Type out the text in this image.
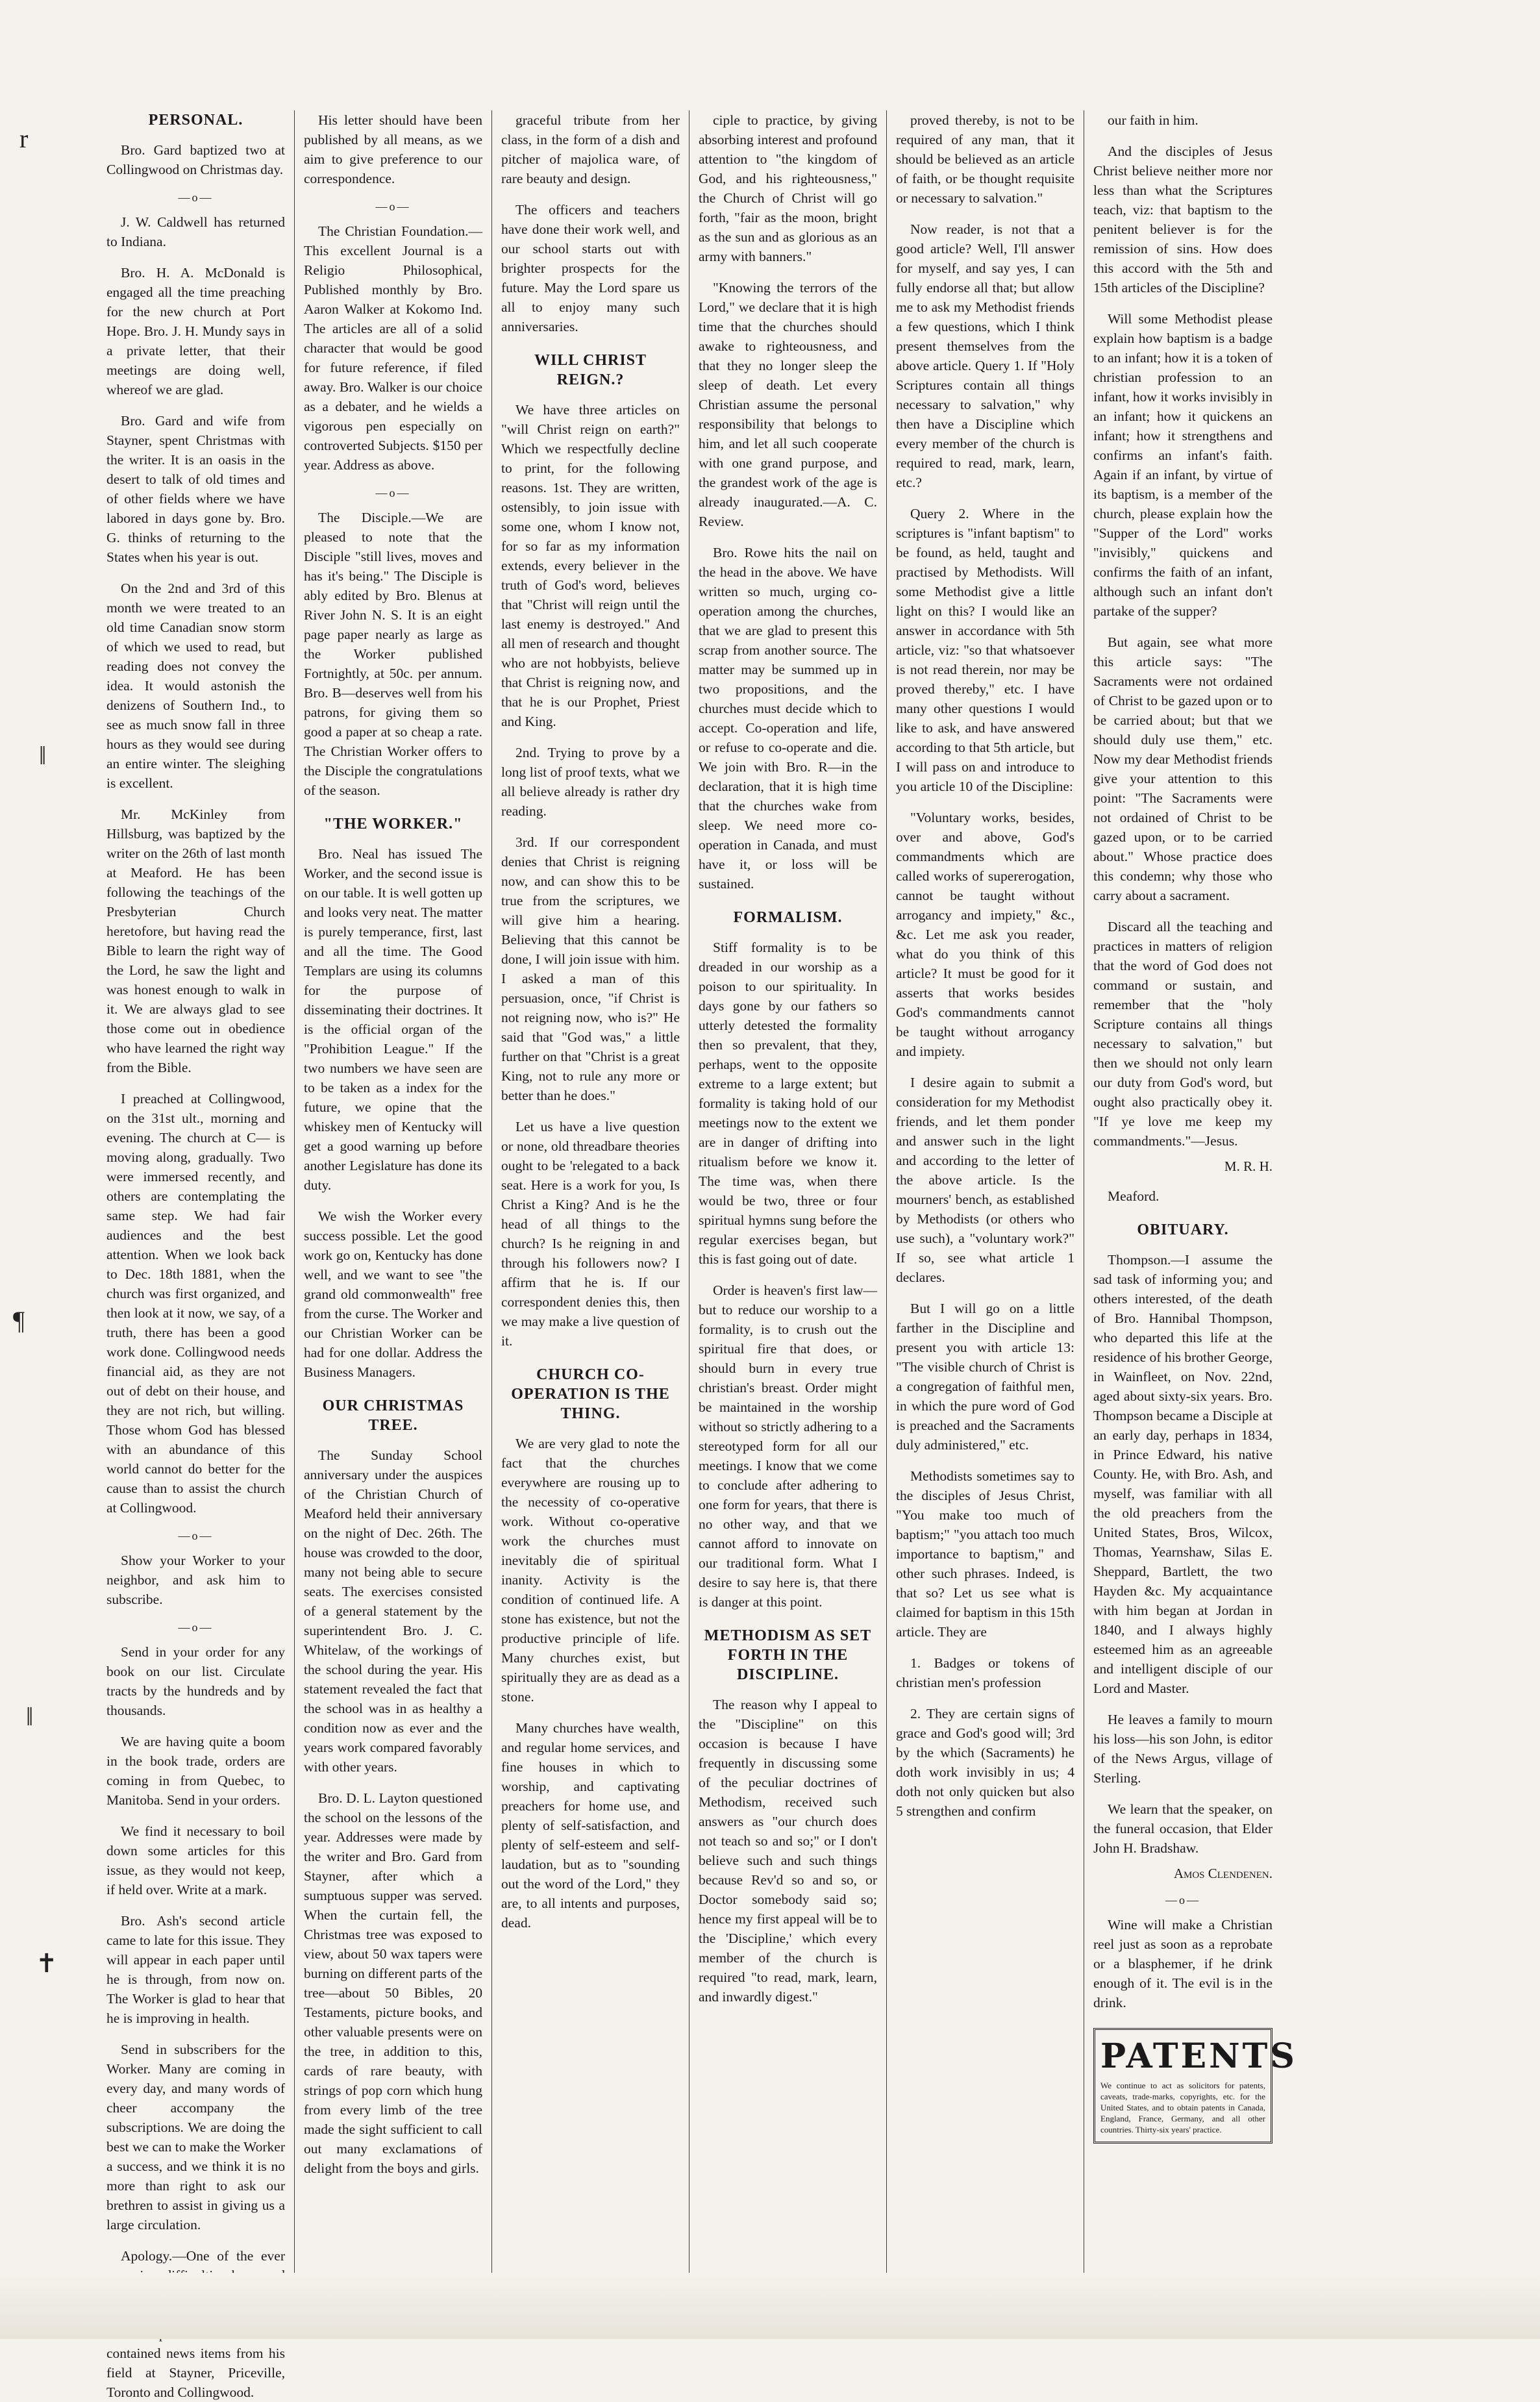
PERSONAL.

Bro. Gard baptized two at Collingwood on Christmas day.

—o—

J. W. Caldwell has returned to Indiana.

Bro. H. A. McDonald is engaged all the time preaching for the new church at Port Hope. Bro. J. H. Mundy says in a private letter, that their meetings are doing well, whereof we are glad.

Bro. Gard and wife from Stayner, spent Christmas with the writer. It is an oasis in the desert to talk of old times and of other fields where we have labored in days gone by. Bro. G. thinks of returning to the States when his year is out.

On the 2nd and 3rd of this month we were treated to an old time Canadian snow storm of which we used to read, but reading does not convey the idea. It would astonish the denizens of Southern Ind., to see as much snow fall in three hours as they would see during an entire winter. The sleighing is excellent.

Mr. McKinley from Hillsburg, was baptized by the writer on the 26th of last month at Meaford. He has been following the teachings of the Presbyterian Church heretofore, but having read the Bible to learn the right way of the Lord, he saw the light and was honest enough to walk in it. We are always glad to see those come out in obedience who have learned the right way from the Bible.

I preached at Collingwood, on the 31st ult., morning and evening. The church at C— is moving along, gradually. Two were immersed recently, and others are contemplating the same step. We had fair audiences and the best attention. When we look back to Dec. 18th 1881, when the church was first organized, and then look at it now, we say, of a truth, there has been a good work done. Collingwood needs financial aid, as they are not out of debt on their house, and they are not rich, but willing. Those whom God has blessed with an abundance of this world cannot do better for the cause than to assist the church at Collingwood.

—o—

Show your Worker to your neighbor, and ask him to subscribe.

—o—

Send in your order for any book on our list. Circulate tracts by the hundreds and by thousands.

We are having quite a boom in the book trade, orders are coming in from Quebec, to Manitoba. Send in your orders.

We find it necessary to boil down some articles for this issue, as they would not keep, if held over. Write at a mark.

Bro. Ash's second article came to late for this issue. They will appear in each paper until he is through, from now on. The Worker is glad to hear that he is improving in health.

Send in subscribers for the Worker. Many are coming in every day, and many words of cheer accompany the subscriptions. We are doing the best we can to make the Worker a success, and we think it is no more than right to ask our brethren to assist in giving us a large circulation.

Apology.—One of the ever contained news items from his field at Stayner, Priceville, Toronto and Collingwood.

His letter should have been published by all means, as we aim to give preference to our correspondence.

—o—

The Christian Foundation.—This excellent Journal is a Religio Philosophical, Published monthly by Bro. Aaron Walker at Kokomo Ind. The articles are all of a solid character that would be good for future reference, if filed away. Bro. Walker is our choice as a debater, and he wields a vigorous pen especially on controverted Subjects. $150 per year. Address as above.

—o—

The Disciple.—We are pleased to note that the Disciple "still lives, moves and has it's being." The Disciple is ably edited by Bro. Blenus at River John N. S. It is an eight page paper nearly as large as the Worker published Fortnightly, at 50c. per annum. Bro. B—deserves well from his patrons, for giving them so good a paper at so cheap a rate. The Christian Worker offers to the Disciple the congratulations of the season.

"THE WORKER."

Bro. Neal has issued The Worker, and the second issue is on our table. It is well gotten up and looks very neat. The matter is purely temperance, first, last and all the time. The Good Templars are using its columns for the purpose of disseminating their doctrines. It is the official organ of the "Prohibition League." If the two numbers we have seen are to be taken as a index for the future, we opine that the whiskey men of Kentucky will get a good warning up before another Legislature has done its duty.

We wish the Worker every success possible. Let the good work go on, Kentucky has done well, and we want to see "the grand old commonwealth" free from the curse. The Worker and our Christian Worker can be had for one dollar. Address the Business Managers.

OUR CHRISTMAS TREE.

The Sunday School anniversary under the auspices of the Christian Church of Meaford held their anniversary on the night of Dec. 26th. The house was crowded to the door, many not being able to secure seats. The exercises consisted of a general statement by the superintendent Bro. J. C. Whitelaw, of the workings of the school during the year. His statement revealed the fact that the school was in as healthy a condition now as ever and the years work compared favorably with other years.

Bro. D. L. Layton questioned the school on the lessons of the year. Addresses were made by the writer and Bro. Gard from Stayner, after which a sumptuous supper was served. When the curtain fell, the Christmas tree was exposed to view, about 50 wax tapers were burning on different parts of the tree—about 50 Bibles, 20 Testaments, picture books, and other valuable presents were on the tree, in addition to this, cards of rare beauty, with strings of pop corn which hung from every limb of the tree made the sight sufficient to call out many exclamations of delight from the boys and girls.

graceful tribute from her class, in the form of a dish and pitcher of majolica ware, of rare beauty and design.

The officers and teachers have done their work well, and our school starts out with brighter prospects for the future. May the Lord spare us all to enjoy many such anniversaries.

WILL CHRIST REIGN.?

We have three articles on "will Christ reign on earth?" Which we respectfully decline to print, for the following reasons. 1st. They are written, ostensibly, to join issue with some one, whom I know not, for so far as my information extends, every believer in the truth of God's word, believes that "Christ will reign until the last enemy is destroyed." And all men of research and thought who are not hobbyists, believe that Christ is reigning now, and that he is our Prophet, Priest and King.

2nd. Trying to prove by a long list of proof texts, what we all believe already is rather dry reading.

3rd. If our correspondent denies that Christ is reigning now, and can show this to be true from the scriptures, we will give him a hearing. Believing that this cannot be done, I will join issue with him. I asked a man of this persuasion, once, "if Christ is not reigning now, who is?" He said that "God was," a little further on that "Christ is a great King, not to rule any more or better than he does."

Let us have a live question or none, old threadbare theories ought to be 'relegated to a back seat. Here is a work for you, Is Christ a King? And is he the head of all things to the church? Is he reigning in and through his followers now? I affirm that he is. If our correspondent denies this, then we may make a live question of it.

CHURCH CO-OPERATION IS THE THING.

We are very glad to note the fact that the churches everywhere are rousing up to the necessity of co-operative work. Without co-operative work the churches must inevitably die of spiritual inanity. Activity is the condition of continued life. A stone has existence, but not the productive principle of life. Many churches exist, but spiritually they are as dead as a stone.

Many churches have wealth, and regular home services, and fine houses in which to worship, and captivating preachers for home use, and plenty of self-satisfaction, and plenty of self-esteem and self-laudation, but as to "sounding out the word of the Lord," they are, to all intents and purposes, dead.

ciple to practice, by giving absorbing interest and profound attention to "the kingdom of God, and his righteousness," the Church of Christ will go forth, "fair as the moon, bright as the sun and as glorious as an army with banners."

"Knowing the terrors of the Lord," we declare that it is high time that the churches should awake to righteousness, and that they no longer sleep the sleep of death. Let every Christian assume the personal responsibility that belongs to him, and let all such cooperate with one grand purpose, and the grandest work of the age is already inaugurated.—A. C. Review.

Bro. Rowe hits the nail on the head in the above. We have written so much, urging co-operation among the churches, that we are glad to present this scrap from another source. The matter may be summed up in two propositions, and the churches must decide which to accept. Co-operation and life, or refuse to co-operate and die. We join with Bro. R—in the declaration, that it is high time that the churches wake from sleep. We need more co-operation in Canada, and must have it, or loss will be sustained.

FORMALISM.

Stiff formality is to be dreaded in our worship as a poison to our spirituality. In days gone by our fathers so utterly detested the formality then so prevalent, that they, perhaps, went to the opposite extreme to a large extent; but formality is taking hold of our meetings now to the extent we are in danger of drifting into ritualism before we know it. The time was, when there would be two, three or four spiritual hymns sung before the regular exercises began, but this is fast going out of date.

Order is heaven's first law—but to reduce our worship to a formality, is to crush out the spiritual fire that does, or should burn in every true christian's breast. Order might be maintained in the worship without so strictly adhering to a stereotyped form for all our meetings. I know that we come to conclude after adhering to one form for years, that there is no other way, and that we cannot afford to innovate on our traditional form. What I desire to say here is, that there is danger at this point.

METHODISM AS SET FORTH IN THE DISCIPLINE.

The reason why I appeal to the "Discipline" on this occasion is because I have frequently in discussing some of the peculiar doctrines of Methodism, received such answers as "our church does not teach so and so;" or I don't believe such and such things because Rev'd so and so, or Doctor somebody said so; hence my first appeal will be to the 'Discipline,' which every member of the church is required "to read, mark, learn, and inwardly digest."

proved thereby, is not to be required of any man, that it should be believed as an article of faith, or be thought requisite or necessary to salvation."

Now reader, is not that a good article? Well, I'll answer for myself, and say yes, I can fully endorse all that; but allow me to ask my Methodist friends a few questions, which I think present themselves from the above article. Query 1. If "Holy Scriptures contain all things necessary to salvation," why then have a Discipline which every member of the church is required to read, mark, learn, etc.?

Query 2. Where in the scriptures is "infant baptism" to be found, as held, taught and practised by Methodists. Will some Methodist give a little light on this? I would like an answer in accordance with 5th article, viz: "so that whatsoever is not read therein, nor may be proved thereby," etc. I have many other questions I would like to ask, and have answered according to that 5th article, but I will pass on and introduce to you article 10 of the Discipline:

"Voluntary works, besides, over and above, God's commandments which are called works of supererogation, cannot be taught without arrogancy and impiety," &c., &c. Let me ask you reader, what do you think of this article? It must be good for it asserts that works besides God's commandments cannot be taught without arrogancy and impiety.

I desire again to submit a consideration for my Methodist friends, and let them ponder and answer such in the light and according to the letter of the above article. Is the mourners' bench, as established by Methodists (or others who use such), a "voluntary work?" If so, see what article 1 declares.

But I will go on a little farther in the Discipline and present you with article 13: "The visible church of Christ is a congregation of faithful men, in which the pure word of God is preached and the Sacraments duly administered," etc.

Methodists sometimes say to the disciples of Jesus Christ, "You make too much of baptism;" "you attach too much importance to baptism," and other such phrases. Indeed, is that so? Let us see what is claimed for baptism in this 15th article. They are

1. Badges or tokens of christian men's profession

2. They are certain signs of grace and God's good will; 3rd by the which (Sacraments) he doth work invisibly in us; 4 doth not only quicken but also 5 strengthen and confirm

our faith in him.

And the disciples of Jesus Christ believe neither more nor less than what the Scriptures teach, viz: that baptism to the penitent believer is for the remission of sins. How does this accord with the 5th and 15th articles of the Discipline?

Will some Methodist please explain how baptism is a badge to an infant; how it is a token of christian profession to an infant, how it works invisibly in an infant; how it quickens an infant; how it strengthens and confirms an infant's faith. Again if an infant, by virtue of its baptism, is a member of the church, please explain how the "Supper of the Lord" works "invisibly," quickens and confirms the faith of an infant, although such an infant don't partake of the supper?

But again, see what more this article says: "The Sacraments were not ordained of Christ to be gazed upon or to be carried about; but that we should duly use them," etc. Now my dear Methodist friends give your attention to this point: "The Sacraments were not ordained of Christ to be gazed upon, or to be carried about." Whose practice does this condemn; why those who carry about a sacrament.

Discard all the teaching and practices in matters of religion that the word of God does not command or sustain, and remember that the "holy Scripture contains all things necessary to salvation," but then we should not only learn our duty from God's word, but ought also practically obey it. "If ye love me keep my commandments."—Jesus.

M. R. H.

Meaford.

OBITUARY.

Thompson.—I assume the sad task of informing you; and others interested, of the death of Bro. Hannibal Thompson, who departed this life at the residence of his brother George, in Wainfleet, on Nov. 22nd, aged about sixty-six years. Bro. Thompson became a Disciple at an early day, perhaps in 1834, in Prince Edward, his native County. He, with Bro. Ash, and myself, was familiar with all the old preachers from the United States, Bros, Wilcox, Thomas, Yearnshaw, Silas E. Sheppard, Bartlett, the two Hayden &c. My acquaintance with him began at Jordan in 1840, and I always highly esteemed him as an agreeable and intelligent disciple of our Lord and Master.

He leaves a family to mourn his loss—his son John, is editor of the News Argus, village of Sterling.

We learn that the speaker, on the funeral occasion, that Elder John H. Bradshaw.

Amos Clendenen.
—o—

Wine will make a Christian reel just as soon as a reprobate or a blasphemer, if he drink enough of it. The evil is in the drink.

PATENTS
We continue to act as solicitors for patents, caveats, trade-marks, copyrights, etc. for the United States, and to obtain patents in Canada, England, France, Germany, and all other countries. Thirty-six years' practice.
r
‖
¶
‖
✝
